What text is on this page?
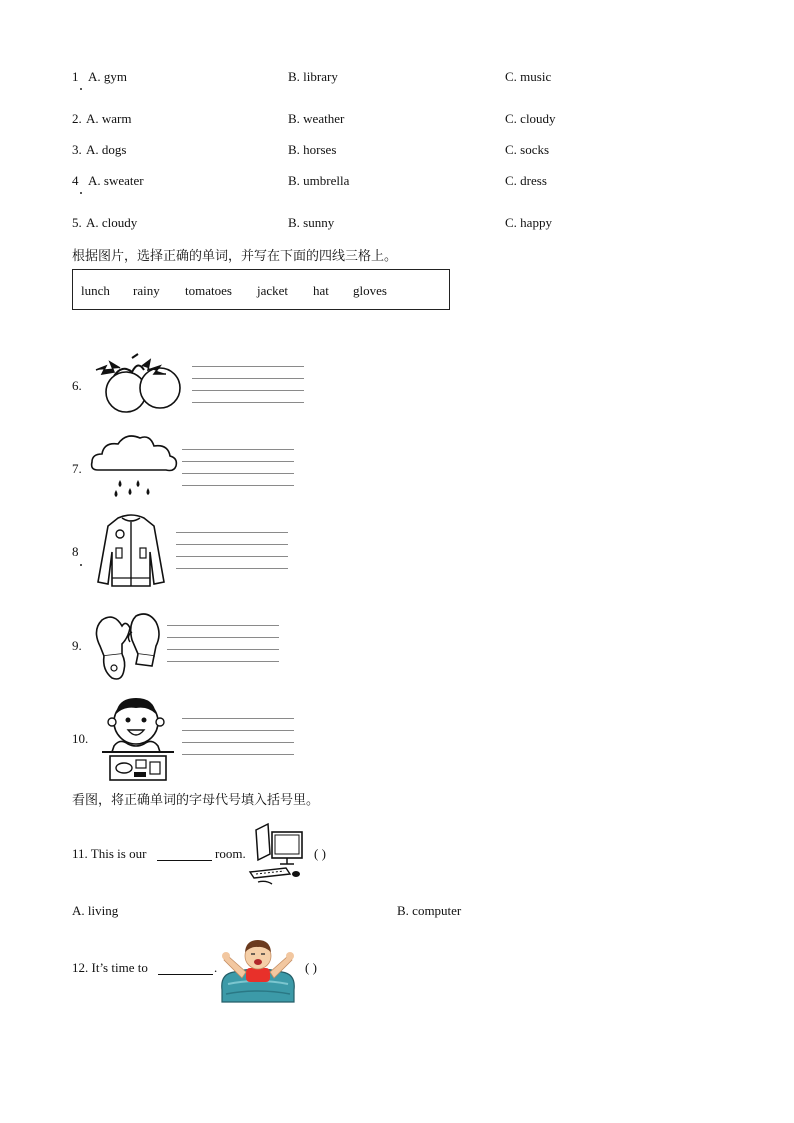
1 A. gym	B. library	C. music
2. A. warm	B. weather	C. cloudy
3. A. dogs	B. horses	C. socks
4 A. sweater	B. umbrella	C. dress
5. A. cloudy	B. sunny	C. happy
根据图片，选择正确的单词，并写在下面的四线三格上。
lunch rainy tomatoes jacket hat gloves
6.
7.
8
9.
10.
看图，将正确单词的字母代号填入括号里。
11. This is our	room.	( )
A. living	B. computer
12. It’s time to	.	( )
